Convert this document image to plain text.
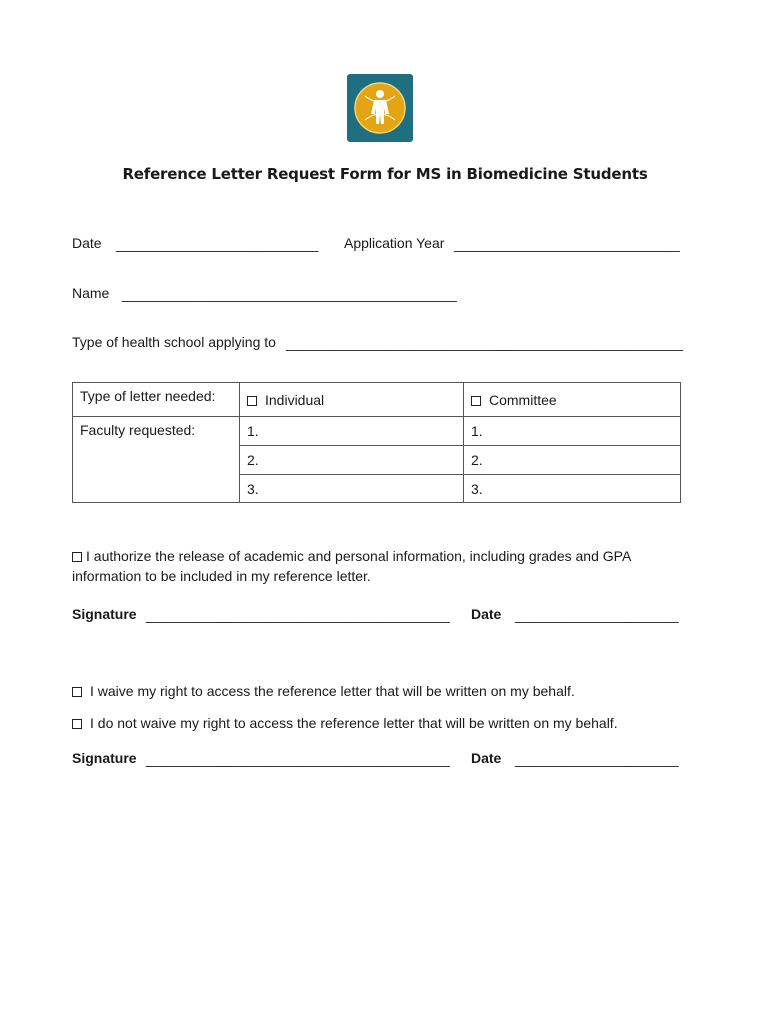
Reference Letter Request Form for MS in Biomedicine Students
Date __________________________ Application Year _____________________________
Name ___________________________________________
Type of health school applying to ___________________________________________________
Type of letter needed:	Individual	Committee
Faculty requested:	1.	1.
	2.	2.
	3.	3.
I authorize the release of academic and personal information, including grades and GPA information to be included in my reference letter.
Signature _______________________________________ Date _____________________
I waive my right to access the reference letter that will be written on my behalf.
I do not waive my right to access the reference letter that will be written on my behalf.
Signature _______________________________________ Date _____________________
